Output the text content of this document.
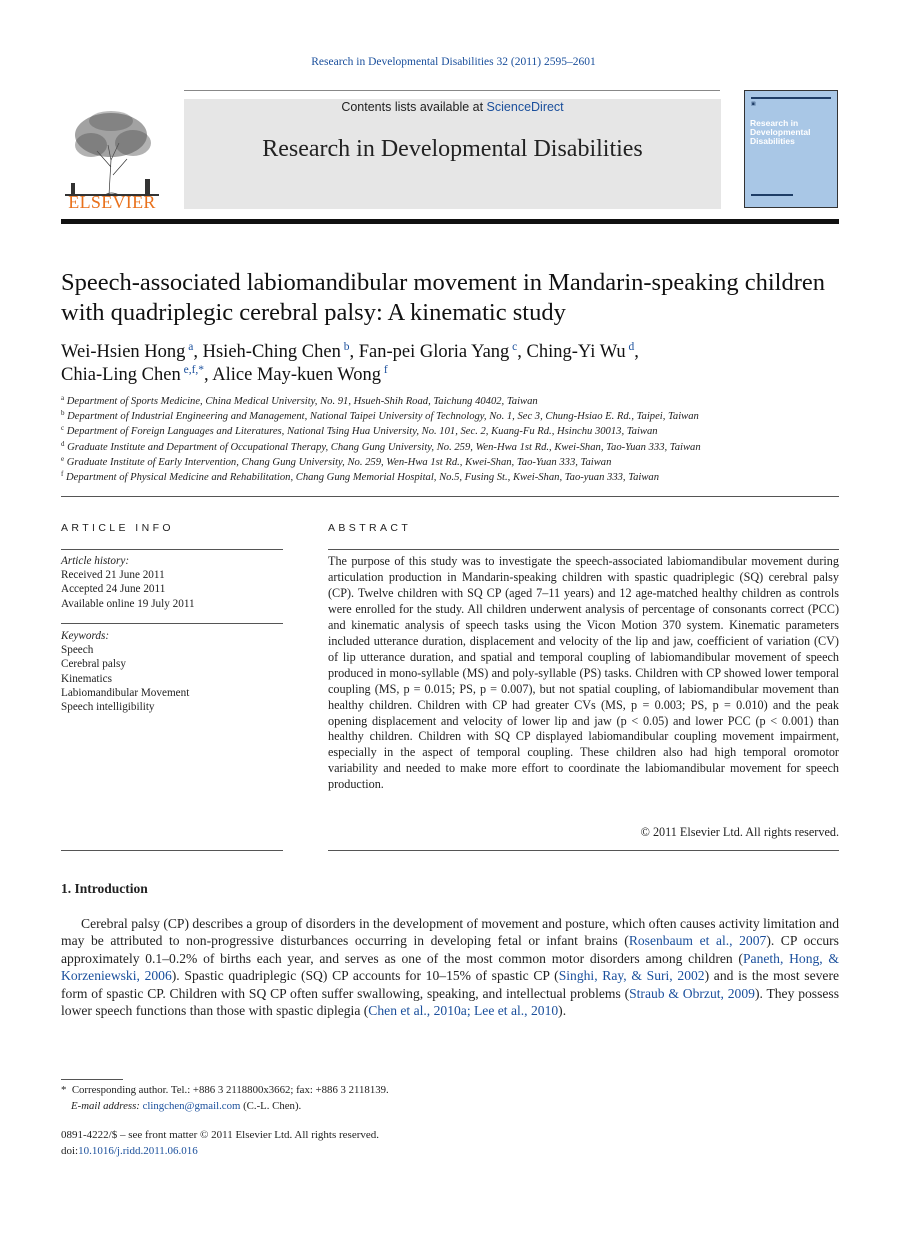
Research in Developmental Disabilities 32 (2011) 2595–2601
ELSEVIER
Contents lists available at ScienceDirect
Research in Developmental Disabilities
▣
Research in Developmental Disabilities
Speech-associated labiomandibular movement in Mandarin-speaking children with quadriplegic cerebral palsy: A kinematic study
Wei-Hsien Hong $^a$, Hsieh-Ching Chen $^b$, Fan-pei Gloria Yang $^c$, Ching-Yi Wu $^d$,
Chia-Ling Chen $^{e,f,*}$, Alice May-kuen Wong $^f$
$^a$ Department of Sports Medicine, China Medical University, No. 91, Hsueh-Shih Road, Taichung 40402, Taiwan
$^b$ Department of Industrial Engineering and Management, National Taipei University of Technology, No. 1, Sec 3, Chung-Hsiao E. Rd., Taipei, Taiwan
$^c$ Department of Foreign Languages and Literatures, National Tsing Hua University, No. 101, Sec. 2, Kuang-Fu Rd., Hsinchu 30013, Taiwan
$^d$ Graduate Institute and Department of Occupational Therapy, Chang Gung University, No. 259, Wen-Hwa 1st Rd., Kwei-Shan, Tao-Yuan 333, Taiwan
$^e$ Graduate Institute of Early Intervention, Chang Gung University, No. 259, Wen-Hwa 1st Rd., Kwei-Shan, Tao-Yuan 333, Taiwan
$^f$ Department of Physical Medicine and Rehabilitation, Chang Gung Memorial Hospital, No.5, Fusing St., Kwei-Shan, Tao-yuan 333, Taiwan
ARTICLE INFO	ABSTRACT
Article history:
Received 21 June 2011
Accepted 24 June 2011
Available online 19 July 2011
Keywords:
Speech
Cerebral palsy
Kinematics
Labiomandibular Movement
Speech intelligibility
The purpose of this study was to investigate the speech-associated labiomandibular movement during articulation production in Mandarin-speaking children with spastic quadriplegic (SQ) cerebral palsy (CP). Twelve children with SQ CP (aged 7–11 years) and 12 age-matched healthy children as controls were enrolled for the study. All children underwent analysis of percentage of consonants correct (PCC) and kinematic analysis of speech tasks using the Vicon Motion 370 system. Kinematic parameters included utterance duration, displacement and velocity of the lip and jaw, coefficient of variation (CV) of lip utterance duration, and spatial and temporal coupling of labiomandibular movement of speech produced in mono-syllable (MS) and poly-syllable (PS) tasks. Children with CP showed lower temporal coupling (MS, p = 0.015; PS, p = 0.007), but not spatial coupling, of labiomandibular movement than healthy children. Children with CP had greater CVs (MS, p = 0.003; PS, p = 0.010) and the peak opening displacement and velocity of lower lip and jaw (p < 0.05) and lower PCC (p < 0.001) than healthy children. Children with SQ CP displayed labiomandibular coupling movement impairment, especially in the aspect of temporal coupling. These children also had high temporal oromotor variability and needed to make more effort to coordinate the labiomandibular movement for speech production.
© 2011 Elsevier Ltd. All rights reserved.
1. Introduction
Cerebral palsy (CP) describes a group of disorders in the development of movement and posture, which often causes activity limitation and may be attributed to non-progressive disturbances occurring in developing fetal or infant brains (Rosenbaum et al., 2007). CP occurs approximately 0.1–0.2% of births each year, and serves as one of the most common motor disorders among children (Paneth, Hong, & Korzeniewski, 2006). Spastic quadriplegic (SQ) CP accounts for 10–15% of spastic CP (Singhi, Ray, & Suri, 2002) and is the most severe form of spastic CP. Children with SQ CP often suffer swallowing, speaking, and intellectual problems (Straub & Obrzut, 2009). They possess lower speech functions than those with spastic diplegia (Chen et al., 2010a; Lee et al., 2010).
* Corresponding author. Tel.: +886 3 2118800x3662; fax: +886 3 2118139.
E-mail address: clingchen@gmail.com (C.-L. Chen).
0891-4222/$ – see front matter © 2011 Elsevier Ltd. All rights reserved.
doi:10.1016/j.ridd.2011.06.016
